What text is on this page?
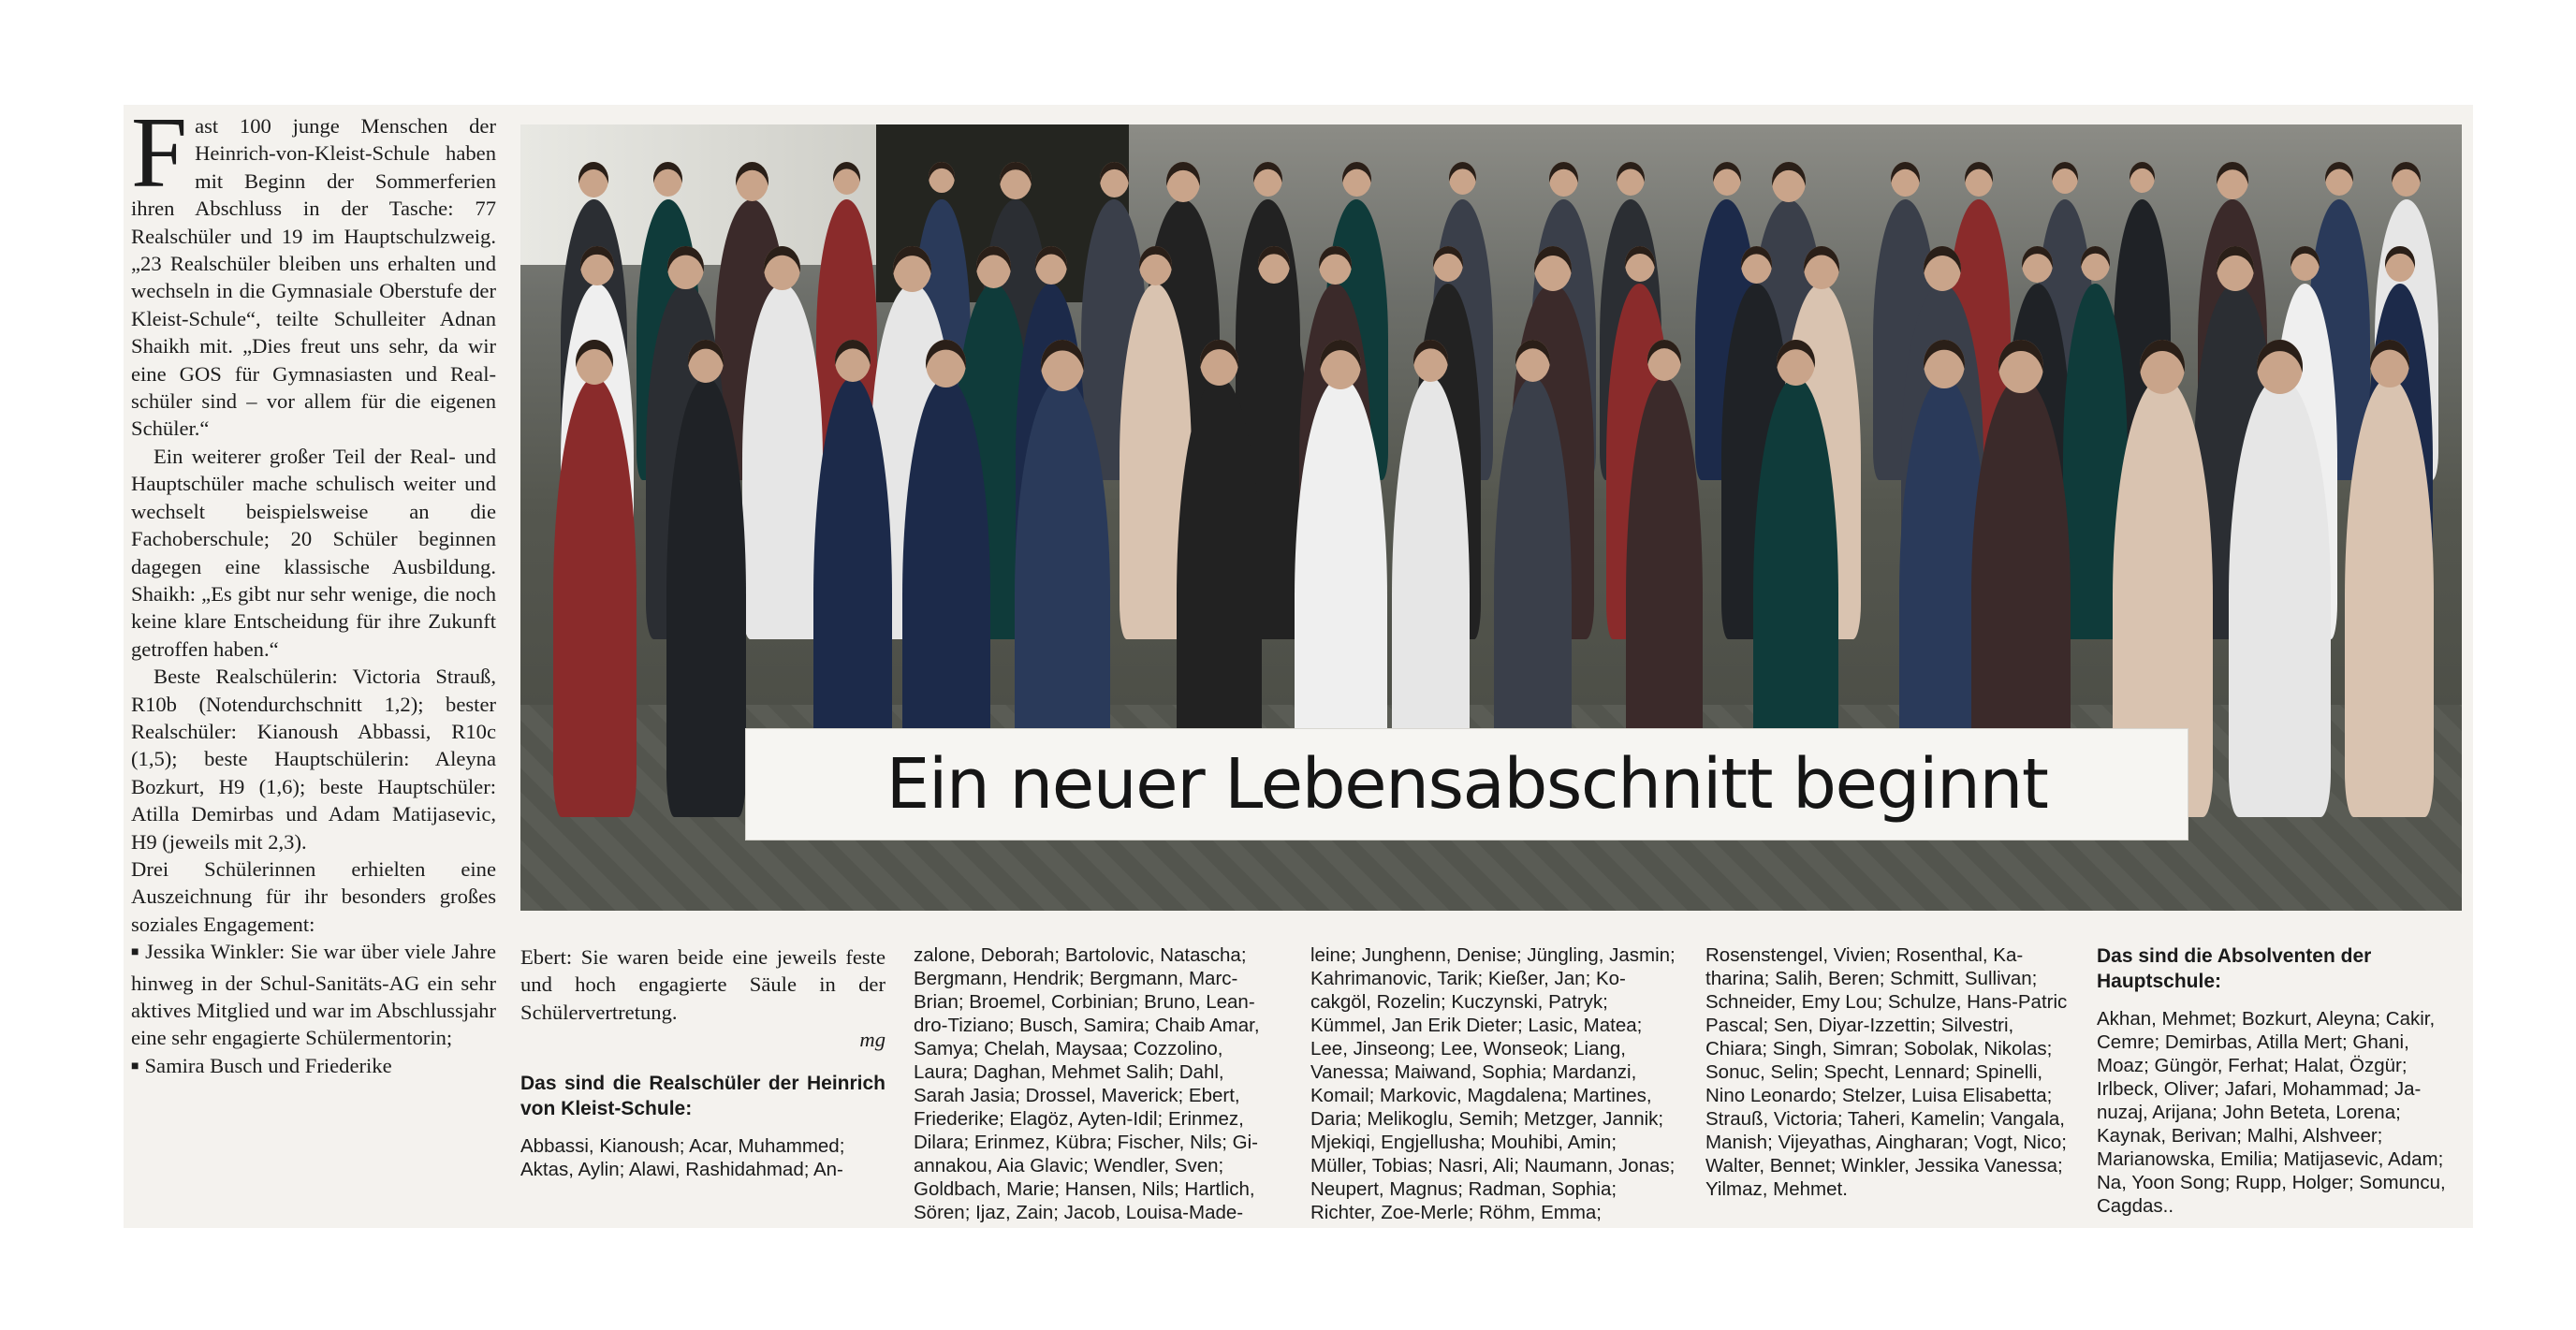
Fast 100 junge Menschen der Heinrich-von-Kleist-Schule haben mit Beginn der Sommerferien ihren Abschluss in der Tasche: 77 Realschüler und 19 im Hauptschulzweig. „23 Realschüler bleiben uns erhalten und wechseln in die Gymnasiale Oberstufe der Kleist-Schule“, teilte Schulleiter Adnan Shaikh mit. „Dies freut uns sehr, da wir eine GOS für Gymnasiasten und Realschüler sind – vor allem für die eigenen Schüler.“

Ein weiterer großer Teil der Real- und Hauptschüler mache schulisch weiter und wechselt beispielsweise an die Fachoberschule; 20 Schüler beginnen dagegen eine klassische Ausbildung. Shaikh: „Es gibt nur sehr wenige, die noch keine klare Entscheidung für ihre Zukunft getroffen haben.“

Beste Realschülerin: Victoria Strauß, R10b (Notendurchschnitt 1,2); bester Realschüler: Kianoush Abbassi, R10c (1,5); beste Hauptschülerin: Aleyna Bozkurt, H9 (1,6); beste Hauptschüler: Atilla Demirbas und Adam Matijasevic, H9 (jeweils mit 2,3).

Drei Schülerinnen erhielten eine Auszeichnung für ihr besonders großes soziales Engagement:

■ Jessika Winkler: Sie war über viele Jahre hinweg in der Schul-Sanitäts-AG ein sehr aktives Mitglied und war im Abschlussjahr eine sehr engagierte Schülermentorin;

■ Samira Busch und Friederike

Ein neuer Lebensabschnitt beginnt
Ebert: Sie waren beide eine jeweils feste und hoch engagierte Säule in der Schülervertretung.
mg
Das sind die Realschüler der Heinrich von Kleist-Schule:
Abbassi, Kianoush; Acar, Muhammed; Aktas, Aylin; Alawi, Rashidahmad; An-
zalone, Deborah; Bartolovic, Natascha; Bergmann, Hendrik; Bergmann, Marc-Brian; Broemel, Corbinian; Bruno, Leandro-Tiziano; Busch, Samira; Chaib Amar, Samya; Chelah, Maysaa; Cozzolino, Laura; Daghan, Mehmet Salih; Dahl, Sarah Jasia; Drossel, Maverick; Ebert, Friederike; Elagöz, Ayten-Idil; Erinmez, Dilara; Erinmez, Kübra; Fischer, Nils; Giannakou, Aia Glavic; Wendler, Sven; Goldbach, Marie; Hansen, Nils; Hartlich, Sören; Ijaz, Zain; Jacob, Louisa-Made-
leine; Junghenn, Denise; Jüngling, Jasmin; Kahrimanovic, Tarik; Kießer, Jan; Kocakgöl, Rozelin; Kuczynski, Patryk; Kümmel, Jan Erik Dieter; Lasic, Matea; Lee, Jinseong; Lee, Wonseok; Liang, Vanessa; Maiwand, Sophia; Mardanzi, Komail; Markovic, Magdalena; Martines, Daria; Melikoglu, Semih; Metzger, Jannik; Mjekiqi, Engjellusha; Mouhibi, Amin; Müller, Tobias; Nasri, Ali; Naumann, Jonas; Neupert, Magnus; Radman, Sophia; Richter, Zoe-Merle; Röhm, Emma;
Rosenstengel, Vivien; Rosenthal, Katharina; Salih, Beren; Schmitt, Sullivan; Schneider, Emy Lou; Schulze, Hans-Patric Pascal; Sen, Diyar-Izzettin; Silvestri, Chiara; Singh, Simran; Sobolak, Nikolas; Sonuc, Selin; Specht, Lennard; Spinelli, Nino Leonardo; Stelzer, Luisa Elisabetta; Strauß, Victoria; Taheri, Kamelin; Vangala, Manish; Vijeyathas, Aingharan; Vogt, Nico; Walter, Bennet; Winkler, Jessika Vanessa; Yilmaz, Mehmet.
Das sind die Absolventen der Hauptschule:
Akhan, Mehmet; Bozkurt, Aleyna; Cakir, Cemre; Demirbas, Atilla Mert; Ghani, Moaz; Güngör, Ferhat; Halat, Özgür; Irlbeck, Oliver; Jafari, Mohammad; Januzaj, Arijana; John Beteta, Lorena; Kaynak, Berivan; Malhi, Alshveer; Marianowska, Emilia; Matijasevic, Adam; Na, Yoon Song; Rupp, Holger; Somuncu, Cagdas..
